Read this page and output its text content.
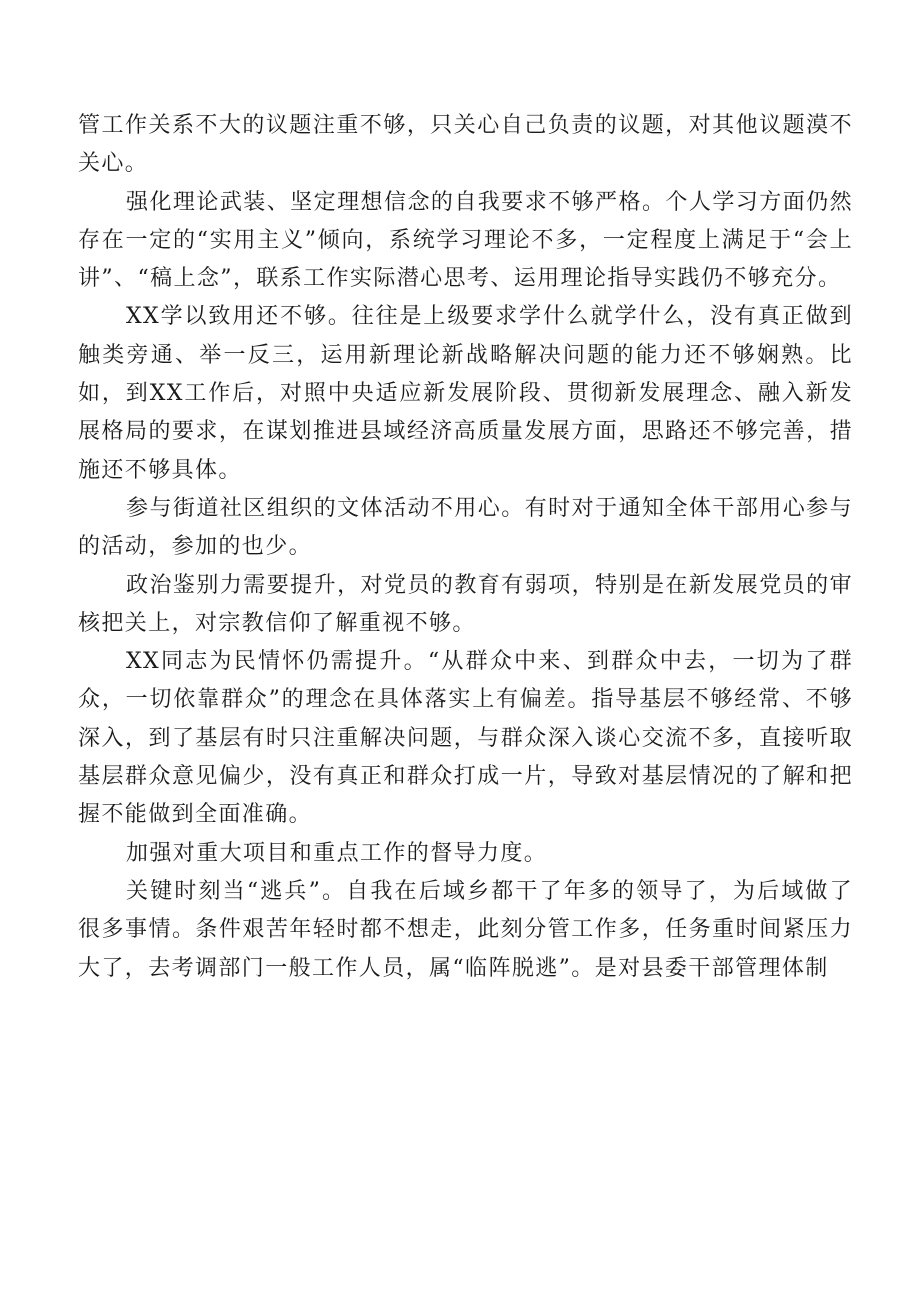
管工作关系不大的议题注重不够，只关心自己负责的议题，对其他议题漠不关心。

强化理论武装、坚定理想信念的自我要求不够严格。个人学习方面仍然存在一定的“实用主义”倾向，系统学习理论不多，一定程度上满足于“会上讲”、“稿上念”，联系工作实际潜心思考、运用理论指导实践仍不够充分。

XX学以致用还不够。往往是上级要求学什么就学什么，没有真正做到触类旁通、举一反三，运用新理论新战略解决问题的能力还不够娴熟。比如，到XX工作后，对照中央适应新发展阶段、贯彻新发展理念、融入新发展格局的要求，在谋划推进县域经济高质量发展方面，思路还不够完善，措施还不够具体。

参与街道社区组织的文体活动不用心。有时对于通知全体干部用心参与的活动，参加的也少。

政治鉴别力需要提升，对党员的教育有弱项，特别是在新发展党员的审核把关上，对宗教信仰了解重视不够。

XX同志为民情怀仍需提升。“从群众中来、到群众中去，一切为了群众，一切依靠群众”的理念在具体落实上有偏差。指导基层不够经常、不够深入，到了基层有时只注重解决问题，与群众深入谈心交流不多，直接听取基层群众意见偏少，没有真正和群众打成一片，导致对基层情况的了解和把握不能做到全面准确。

加强对重大项目和重点工作的督导力度。

关键时刻当“逃兵”。自我在后域乡都干了年多的领导了，为后域做了很多事情。条件艰苦年轻时都不想走，此刻分管工作多，任务重时间紧压力大了，去考调部门一般工作人员，属“临阵脱逃”。是对县委干部管理体制
